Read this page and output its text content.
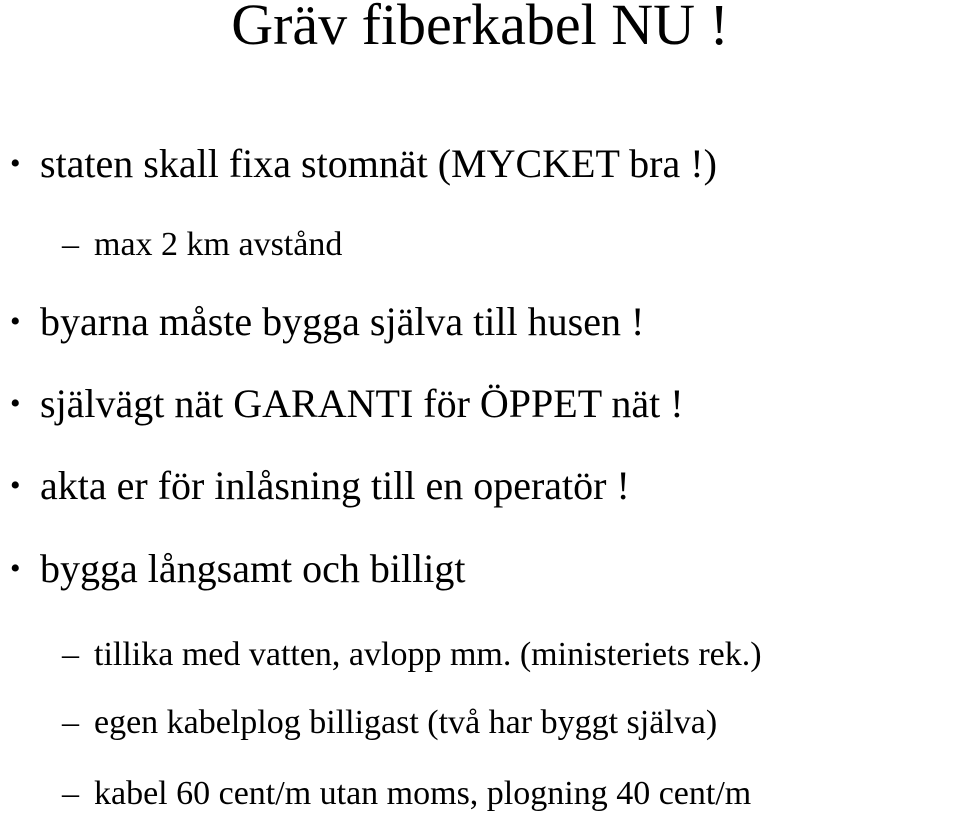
Gräv fiberkabel NU !
• staten skall fixa stomnät (MYCKET bra !)
– max 2 km avstånd
• byarna måste bygga själva till husen !
• självägt nät GARANTI för ÖPPET nät !
• akta er för inlåsning till en operatör !
• bygga långsamt och billigt
– tillika med vatten, avlopp mm. (ministeriets rek.)
– egen kabelplog billigast (två har byggt själva)
– kabel 60 cent/m utan moms, plogning 40 cent/m
